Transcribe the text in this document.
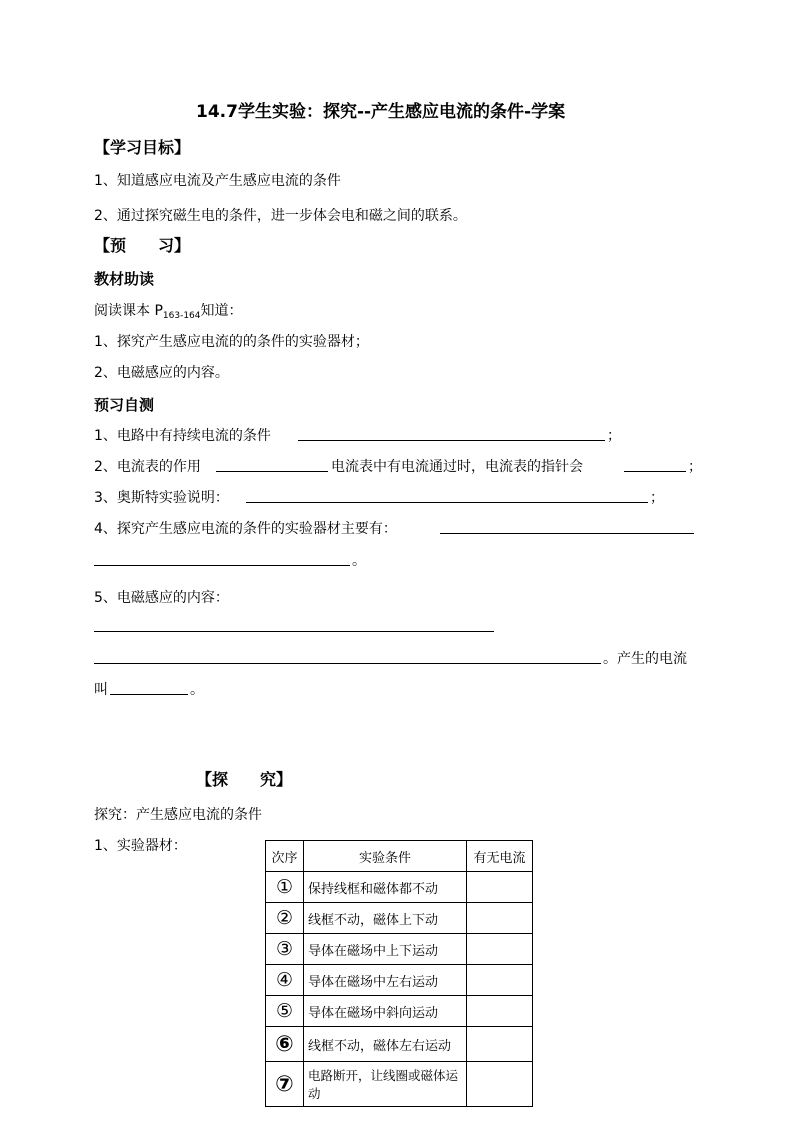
14.7学生实验：探究--产生感应电流的条件-学案
【学习目标】
1、知道感应电流及产生感应电流的条件
2、通过探究磁生电的条件，进一步体会电和磁之间的联系。
【预　　习】
教材助读
阅读课本 $P_{163-164}$知道：
1、探究产生感应电流的的条件的实验器材；
2、电磁感应的内容。
预习自测
1、电路中有持续电流的条件	；
2、电流表的作用	电流表中有电流通过时，电流表的指针会	；
3、奥斯特实验说明：	；
4、探究产生感应电流的条件的实验器材主要有：
。
5、电磁感应的内容：
。产生的电流
叫	。
【探　　究】
探究：产生感应电流的条件
1、实验器材：
次序	实验条件	有无电流
①	保持线框和磁体都不动	
②	线框不动，磁体上下动	
③	导体在磁场中上下运动	
④	导体在磁场中左右运动	
⑤	导体在磁场中斜向运动	
⑥	线框不动，磁体左右运动	
⑦	电路断开，让线圈或磁体运动	
